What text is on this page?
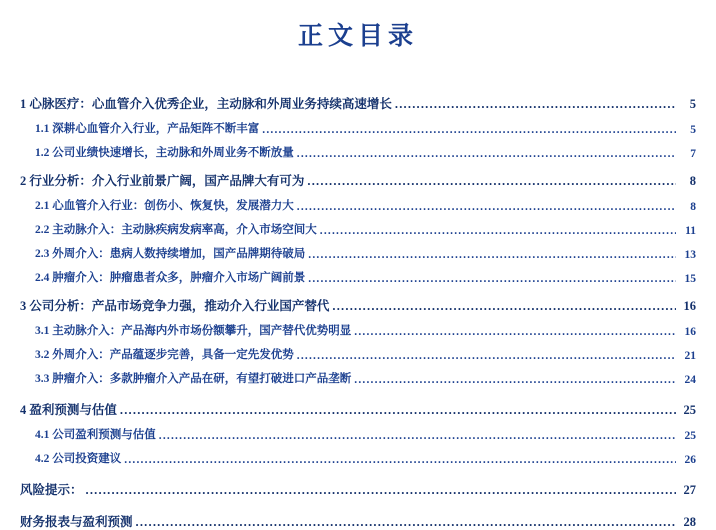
正文目录
1 心脉医疗：心血管介入优秀企业，主动脉和外周业务持续高速增长 .....	5
1.1 深耕心血管介入行业，产品矩阵不断丰富 .....	5
1.2 公司业绩快速增长，主动脉和外周业务不断放量 .....	7
2 行业分析：介入行业前景广阔，国产品牌大有可为 .....	8
2.1 心血管介入行业：创伤小、恢复快，发展潜力大 .....	8
2.2 主动脉介入：主动脉疾病发病率高，介入市场空间大 .....	11
2.3 外周介入：患病人数持续增加，国产品牌期待破局 .....	13
2.4 肿瘤介入：肿瘤患者众多，肿瘤介入市场广阔前景 .....	15
3 公司分析：产品市场竞争力强，推动介入行业国产替代 .....	16
3.1 主动脉介入：产品海内外市场份额攀升，国产替代优势明显 .....	16
3.2 外周介入：产品蕴逐步完善，具备一定先发优势 .....	21
3.3 肿瘤介入：多款肿瘤介入产品在研，有望打破进口产品垄断 .....	24
4 盈利预测与估值 .....	25
4.1 公司盈利预测与估值 .....	25
4.2 公司投资建议 .....	26
风险提示： .....	27
财务报表与盈利预测 .....	28
